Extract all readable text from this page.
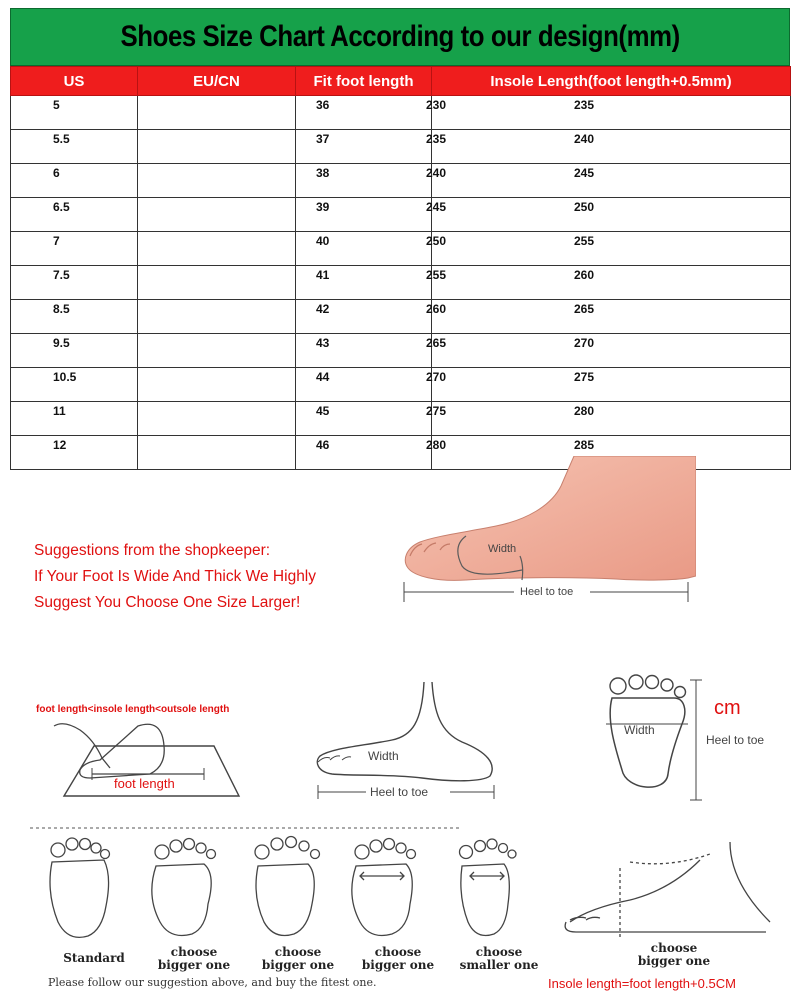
Shoes Size Chart According to our design(mm)
US	EU/CN	Fit foot length	Insole Length(foot length+0.5mm)
5	36	230	235
5.5	37	235	240
6	38	240	245
6.5	39	245	250
7	40	250	255
7.5	41	255	260
8.5	42	260	265
9.5	43	265	270
10.5	44	270	275
11	45	275	280
12	46	280	285
Suggestions from the shopkeeper:
If Your Foot Is Wide And Thick We Highly
Suggest You Choose One Size Larger!
Width
Heel to toe
foot length<insole length<outsole length
foot length
Width
Heel to toe
Width
cm
Heel to toe
Standard	choose
bigger one
choose
bigger one
choose
bigger one
choose
smaller one
choose
bigger one
Please follow our suggestion above, and buy the fitest one.	Insole length=foot length+0.5CM
